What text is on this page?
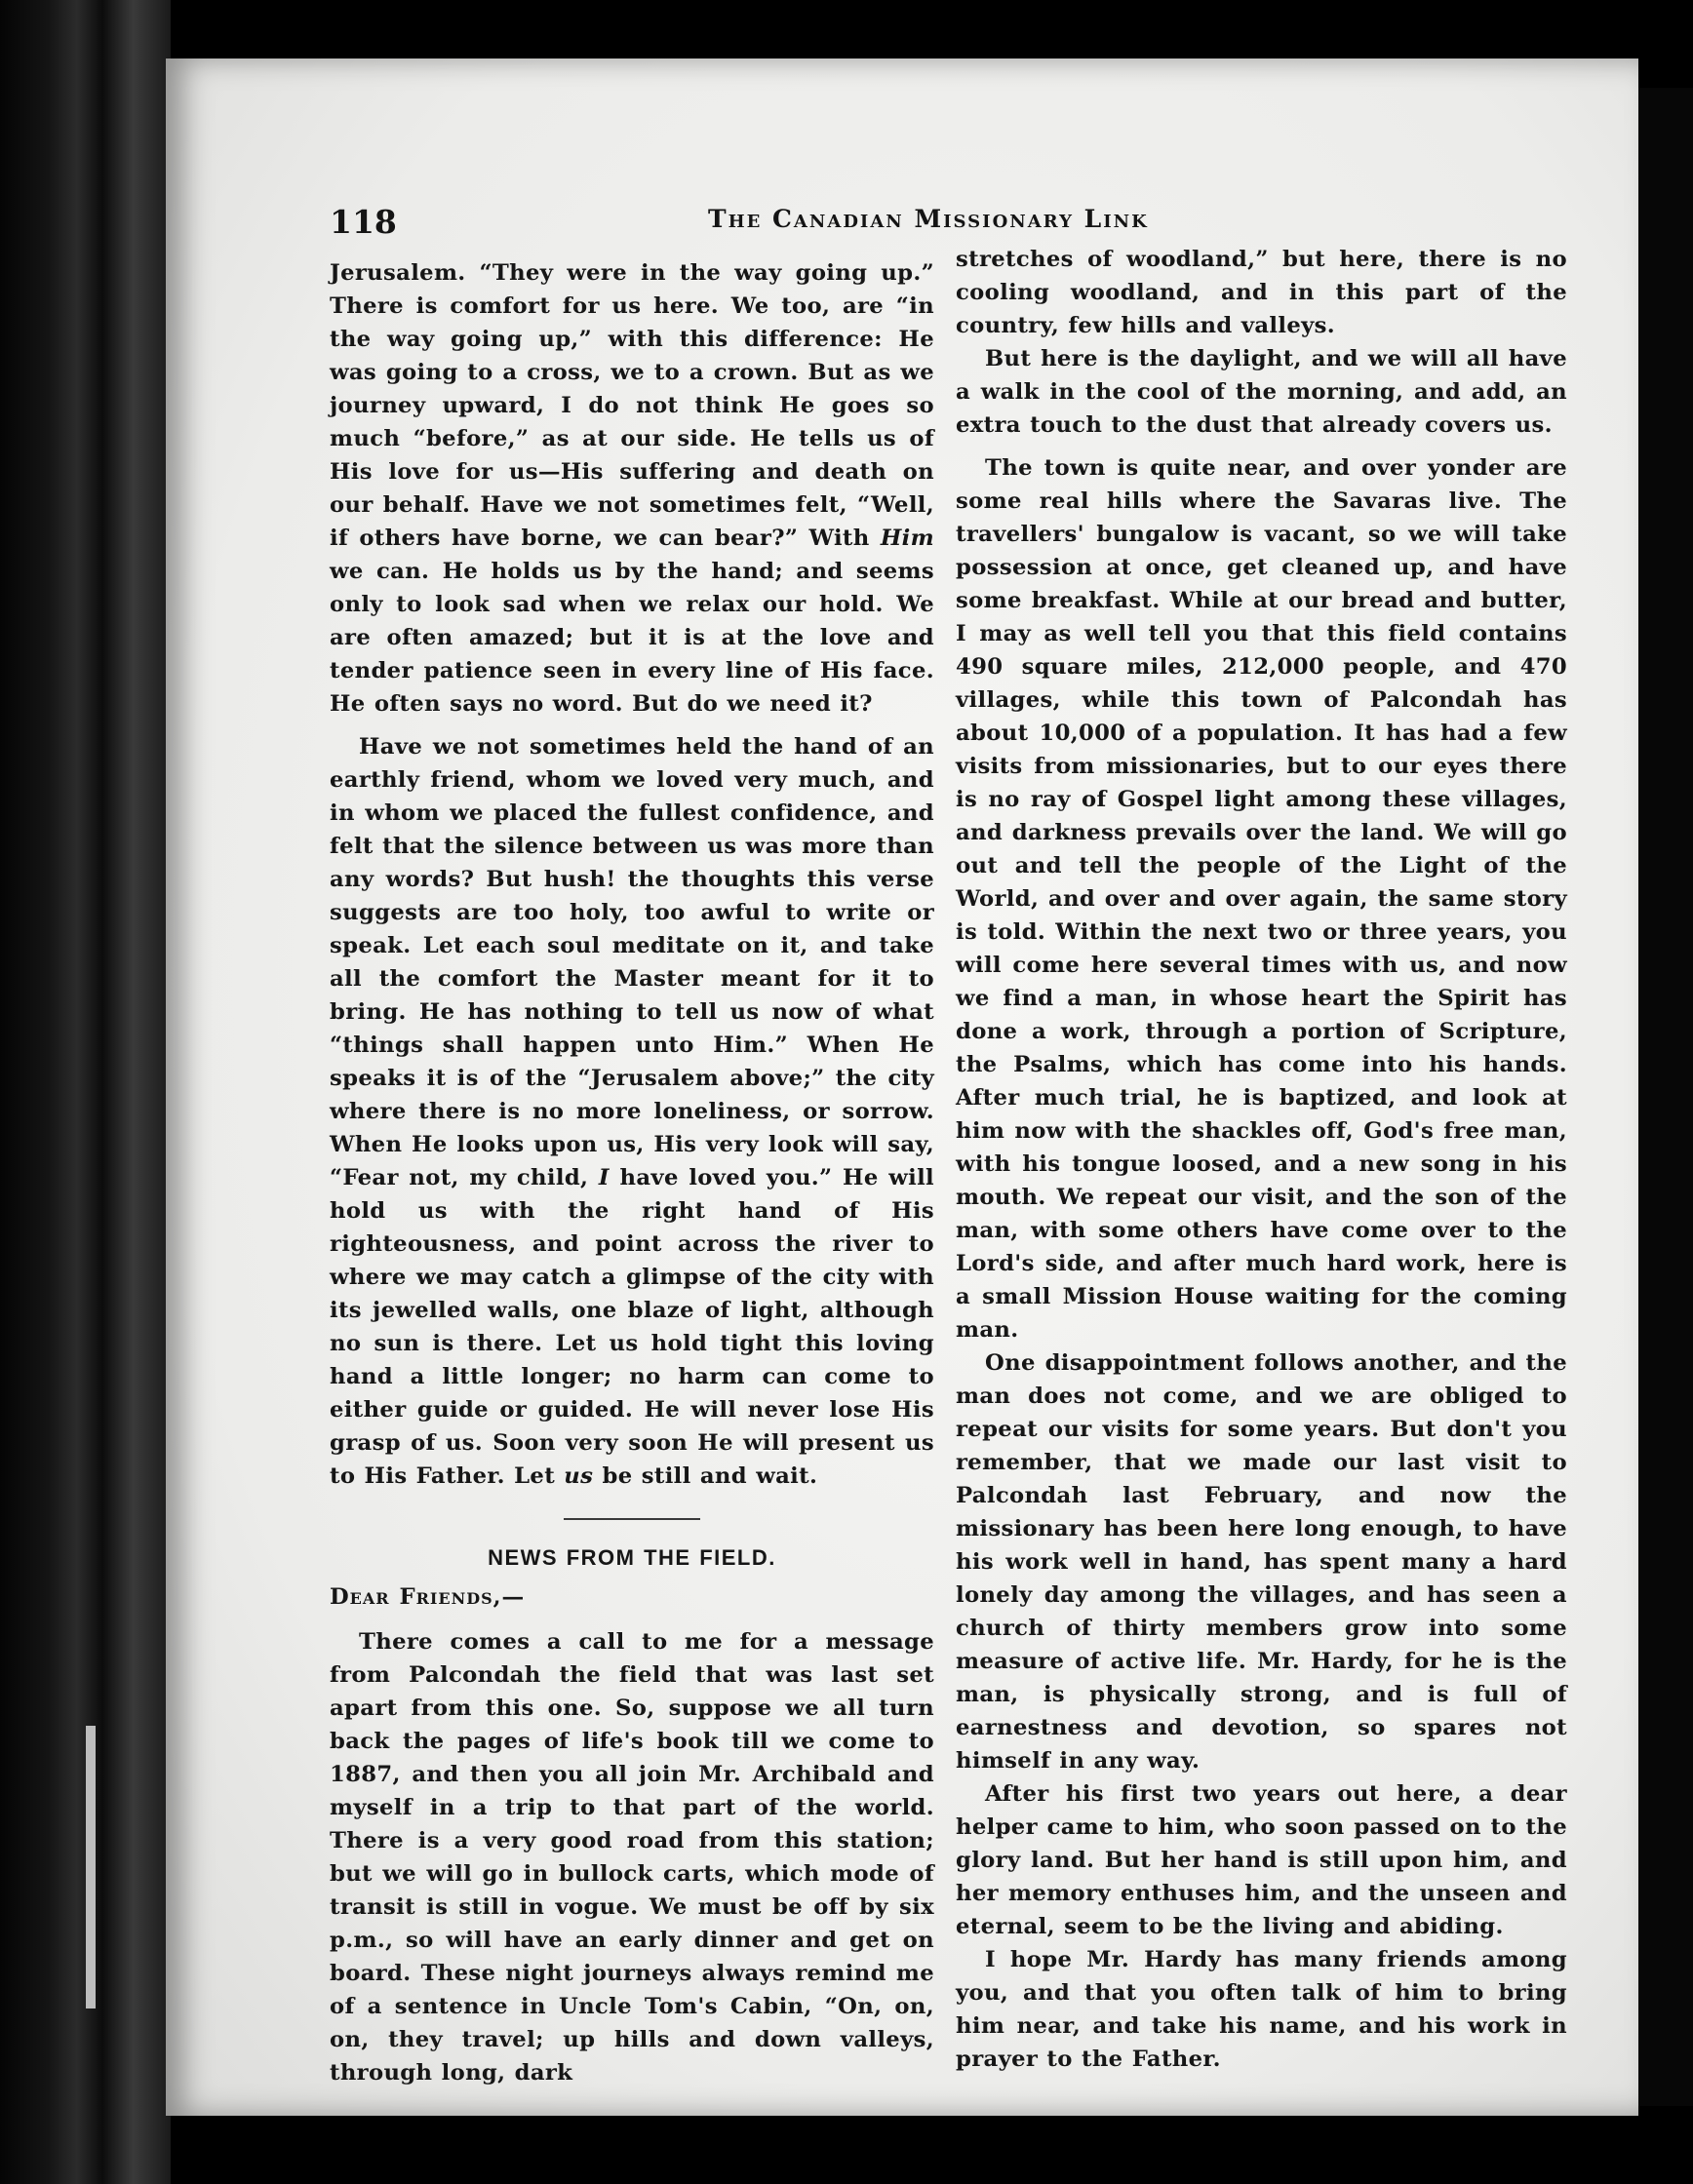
118	The Canadian Missionary Link

Jerusalem. “They were in the way going up.” There is comfort for us here. We too, are “in the way going up,” with this difference: He was going to a cross, we to a crown. But as we journey upward, I do not think He goes so much “before,” as at our side. He tells us of His love for us—His suffering and death on our behalf. Have we not sometimes felt, “Well, if others have borne, we can bear?” With Him we can. He holds us by the hand; and seems only to look sad when we relax our hold. We are often amazed; but it is at the love and tender patience seen in every line of His face. He often says no word. But do we need it?

Have we not sometimes held the hand of an earthly friend, whom we loved very much, and in whom we placed the fullest confidence, and felt that the silence between us was more than any words? But hush! the thoughts this verse suggests are too holy, too awful to write or speak. Let each soul meditate on it, and take all the comfort the Master meant for it to bring. He has nothing to tell us now of what “things shall happen unto Him.” When He speaks it is of the “Jerusalem above;” the city where there is no more loneliness, or sorrow. When He looks upon us, His very look will say, “Fear not, my child, I have loved you.” He will hold us with the right hand of His righteousness, and point across the river to where we may catch a glimpse of the city with its jewelled walls, one blaze of light, although no sun is there. Let us hold tight this loving hand a little longer; no harm can come to either guide or guided. He will never lose His grasp of us. Soon very soon He will present us to His Father. Let us be still and wait.

NEWS FROM THE FIELD.
Dear Friends,—

There comes a call to me for a message from Palcondah the field that was last set apart from this one. So, suppose we all turn back the pages of life's book till we come to 1887, and then you all join Mr. Archibald and myself in a trip to that part of the world. There is a very good road from this station; but we will go in bullock carts, which mode of transit is still in vogue. We must be off by six p.m., so will have an early dinner and get on board. These night journeys always remind me of a sentence in Uncle Tom's Cabin, “On, on, on, they travel; up hills and down valleys, through long, dark

stretches of woodland,” but here, there is no cooling woodland, and in this part of the country, few hills and valleys.

But here is the daylight, and we will all have a walk in the cool of the morning, and add, an extra touch to the dust that already covers us.

The town is quite near, and over yonder are some real hills where the Savaras live. The travellers' bungalow is vacant, so we will take possession at once, get cleaned up, and have some breakfast. While at our bread and butter, I may as well tell you that this field contains 490 square miles, 212,000 people, and 470 villages, while this town of Palcondah has about 10,000 of a population. It has had a few visits from missionaries, but to our eyes there is no ray of Gospel light among these villages, and darkness prevails over the land. We will go out and tell the people of the Light of the World, and over and over again, the same story is told. Within the next two or three years, you will come here several times with us, and now we find a man, in whose heart the Spirit has done a work, through a portion of Scripture, the Psalms, which has come into his hands. After much trial, he is baptized, and look at him now with the shackles off, God's free man, with his tongue loosed, and a new song in his mouth. We repeat our visit, and the son of the man, with some others have come over to the Lord's side, and after much hard work, here is a small Mission House waiting for the coming man.

One disappointment follows another, and the man does not come, and we are obliged to repeat our visits for some years. But don't you remember, that we made our last visit to Palcondah last February, and now the missionary has been here long enough, to have his work well in hand, has spent many a hard lonely day among the villages, and has seen a church of thirty members grow into some measure of active life. Mr. Hardy, for he is the man, is physically strong, and is full of earnestness and devotion, so spares not himself in any way.

After his first two years out here, a dear helper came to him, who soon passed on to the glory land. But her hand is still upon him, and her memory enthuses him, and the unseen and eternal, seem to be the living and abiding.

I hope Mr. Hardy has many friends among you, and that you often talk of him to bring him near, and take his name, and his work in prayer to the Father.
